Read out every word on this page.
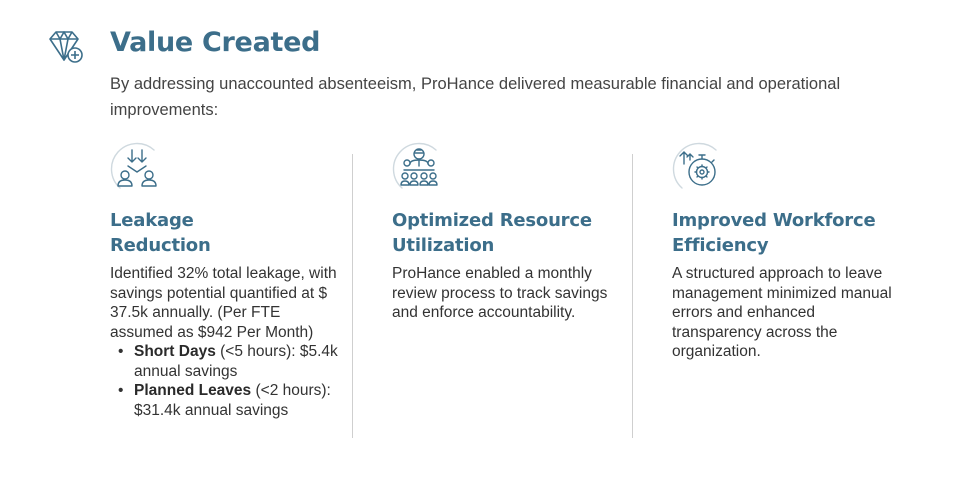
Value Created
By addressing unaccounted absenteeism, ProHance delivered measurable financial and operational improvements:
Leakage
Reduction
Identified 32% total leakage, with savings potential quantified at $ 37.5k annually. (Per FTE assumed as $942 Per Month)
• Short Days (<5 hours): $5.4k annual savings
• Planned Leaves (<2 hours): $31.4k annual savings
Optimized Resource
Utilization
ProHance enabled a monthly review process to track savings and enforce accountability.
Improved Workforce
Efficiency
A structured approach to leave management minimized manual errors and enhanced transparency across the organization.
